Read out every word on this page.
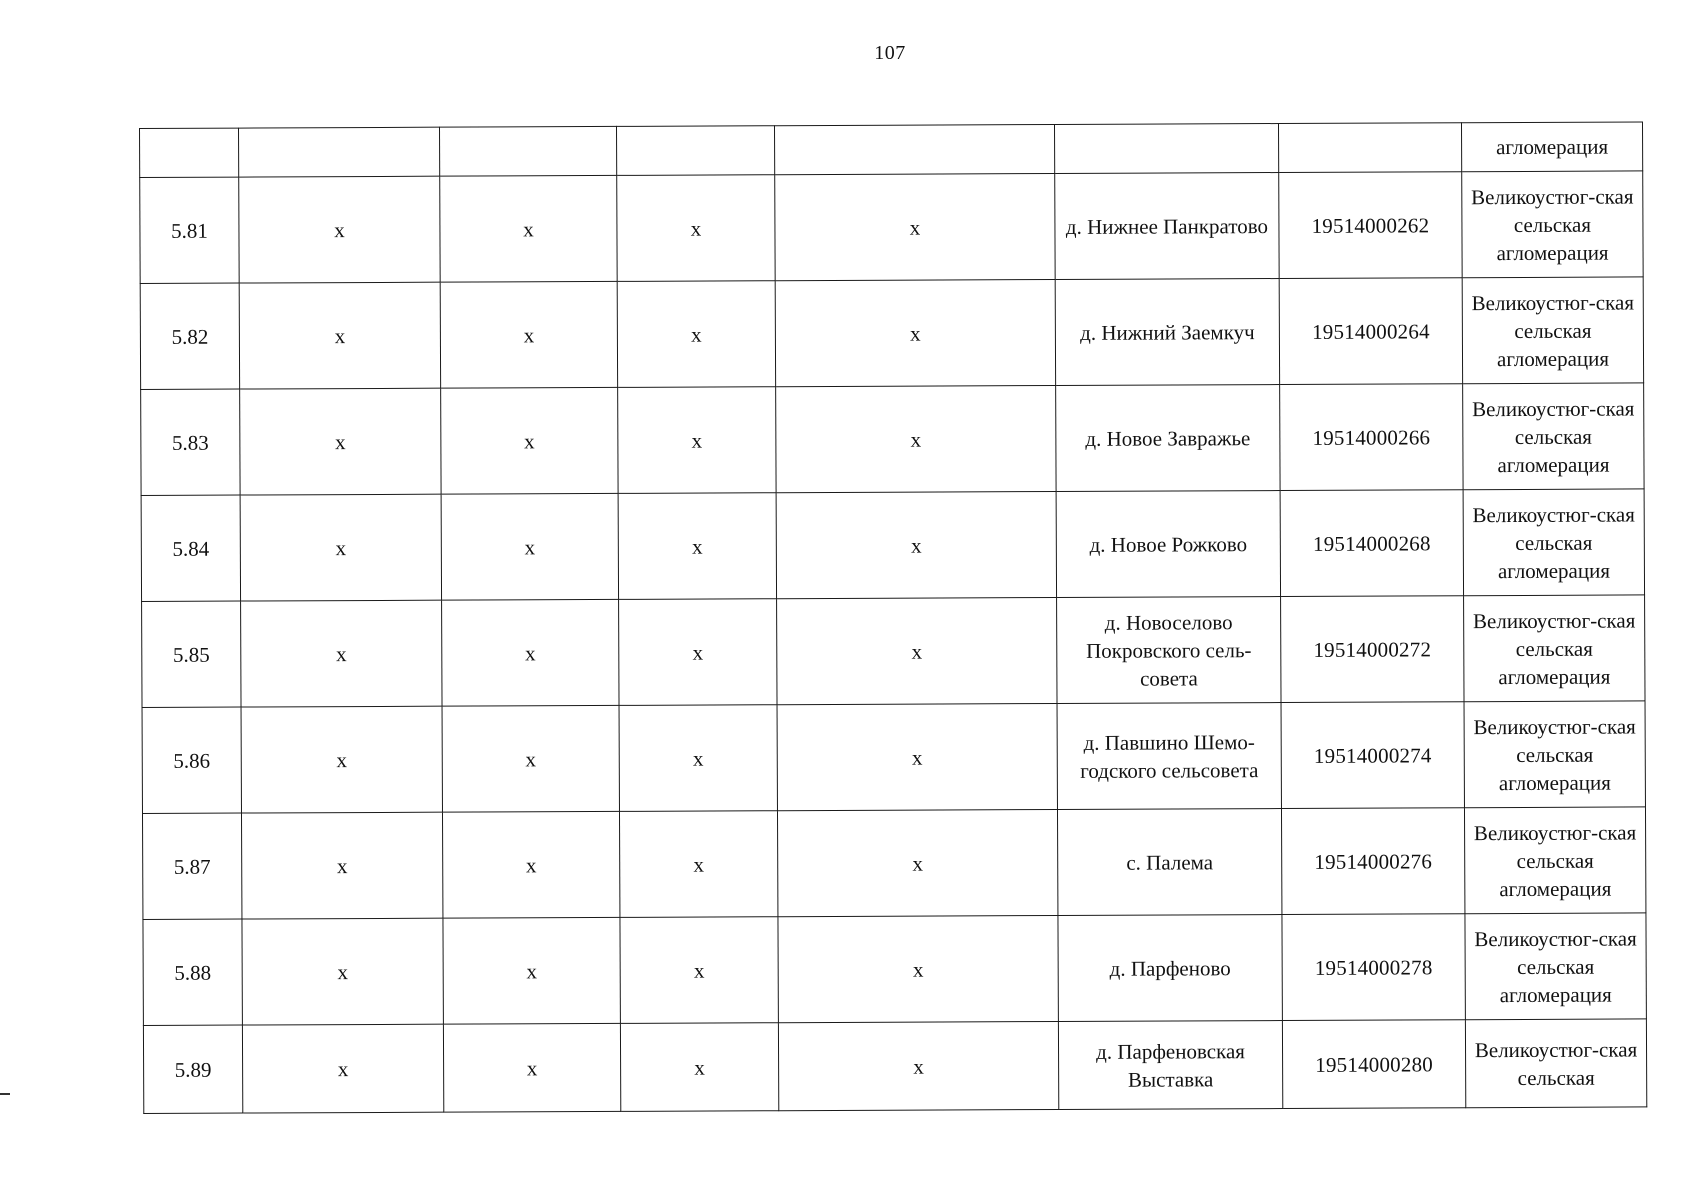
107
							агломерация
5.81	х	х	х	х	д. Нижнее Панкратово	19514000262	Великоустюг-ская сельская агломерация
5.82	х	х	х	х	д. Нижний Заемкуч	19514000264	Великоустюг-ская сельская агломерация
5.83	х	х	х	х	д. Новое Завражье	19514000266	Великоустюг-ская сельская агломерация
5.84	х	х	х	х	д. Новое Рожково	19514000268	Великоустюг-ская сельская агломерация
5.85	х	х	х	х	д. Новоселово Покровского сель-совета	19514000272	Великоустюг-ская сельская агломерация
5.86	х	х	х	х	д. Павшино Шемо-годского сельсовета	19514000274	Великоустюг-ская сельская агломерация
5.87	х	х	х	х	с. Палема	19514000276	Великоустюг-ская сельская агломерация
5.88	х	х	х	х	д. Парфеново	19514000278	Великоустюг-ская сельская агломерация
5.89	х	х	х	х	д. Парфеновская Выставка	19514000280	Великоустюг-ская сельская
